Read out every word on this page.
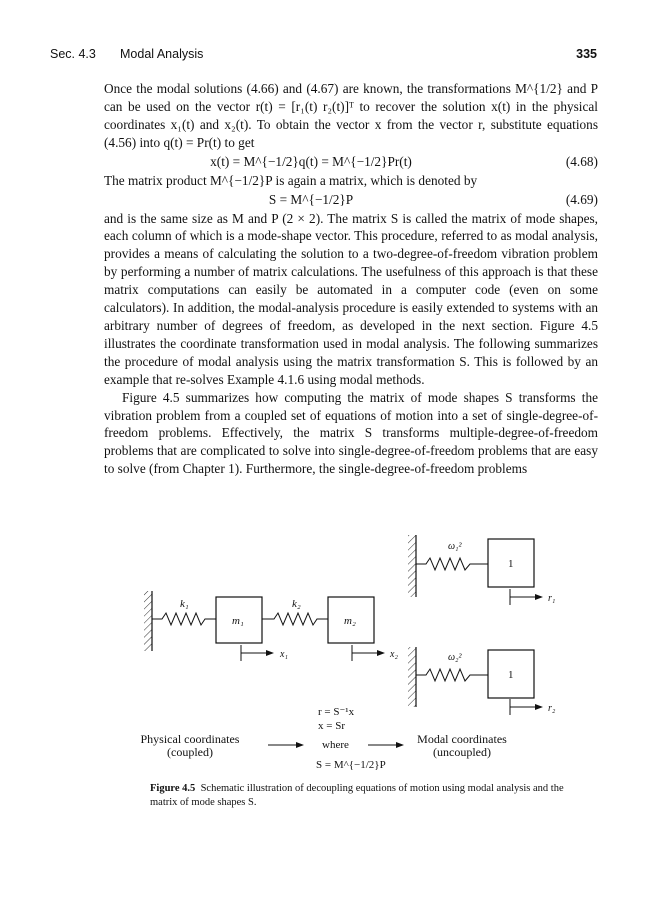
Sec. 4.3 Modal Analysis	335

Once the modal solutions (4.66) and (4.67) are known, the transformations M^{1/2} and P can be used on the vector r(t) = [r₁(t) r₂(t)]ᵀ to recover the solution x(t) in the physical coordinates x₁(t) and x₂(t). To obtain the vector x from the vector r, substitute equations (4.56) into q(t) = Pr(t) to get

x(t) = M^{−1/2}q(t) = M^{−1/2}Pr(t)	(4.68)

The matrix product M^{−1/2}P is again a matrix, which is denoted by

S = M^{−1/2}P	(4.69)

and is the same size as M and P (2 × 2). The matrix S is called the matrix of mode shapes, each column of which is a mode-shape vector. This procedure, referred to as modal analysis, provides a means of calculating the solution to a two-degree-of-freedom vibration problem by performing a number of matrix calculations. The usefulness of this approach is that these matrix computations can easily be automated in a computer code (even on some calculators). In addition, the modal-analysis procedure is easily extended to systems with an arbitrary number of degrees of freedom, as developed in the next section. Figure 4.5 illustrates the coordinate transformation used in modal analysis. The following summarizes the procedure of modal analysis using the matrix transformation S. This is followed by an example that re-solves Example 4.1.6 using modal methods.

Figure 4.5 summarizes how computing the matrix of mode shapes S transforms the vibration problem from a coupled set of equations of motion into a set of single-degree-of-freedom problems. Effectively, the matrix S transforms multiple-degree-of-freedom problems that are complicated to solve into single-degree-of-freedom problems that are easy to solve (from Chapter 1). Furthermore, the single-degree-of-freedom problems

k₁
m₁
k₂
m₂
x₁	x₂
ω₁²
1
r₁
ω₂²
1
r₂
r = S⁻¹x
x = Sr
where
S = M^{−1/2}P
Physical coordinates
(coupled)
Modal coordinates
(uncoupled)
Figure 4.5 Schematic illustration of decoupling equations of motion using modal analysis and the matrix of mode shapes S.
